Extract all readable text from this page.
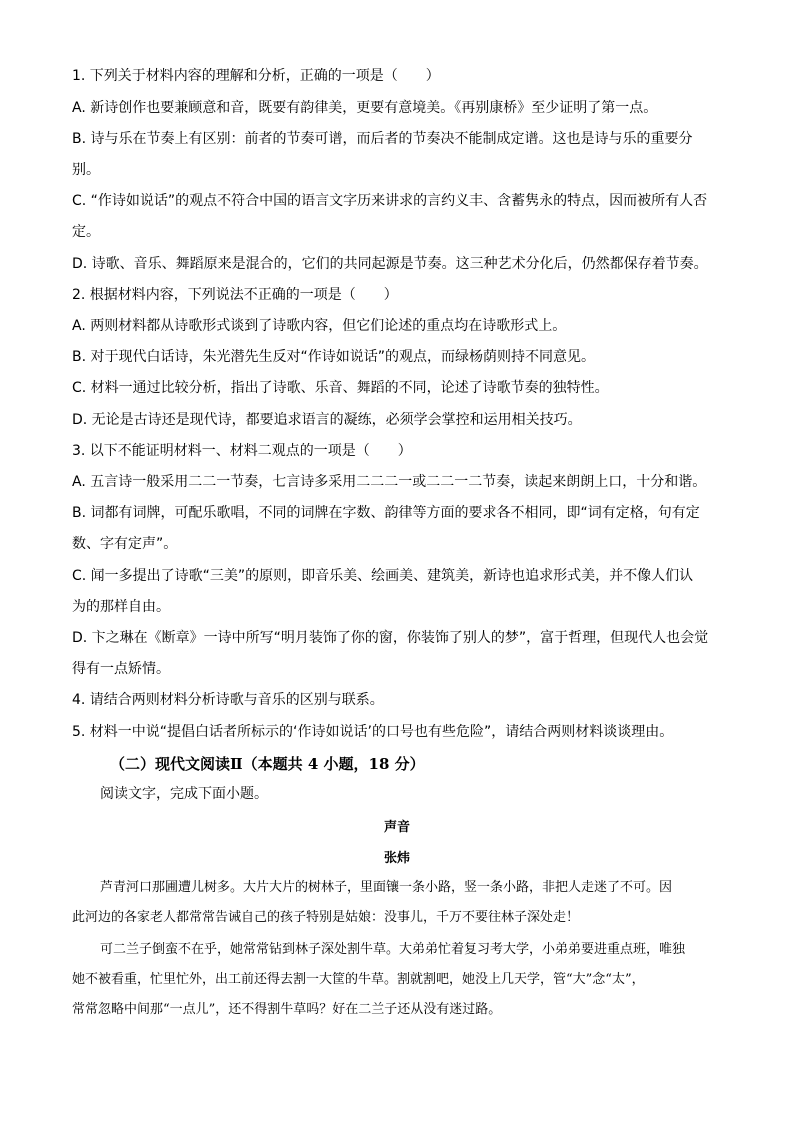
1. 下列关于材料内容的理解和分析，正确的一项是（　　）
A. 新诗创作也要兼顾意和音，既要有韵律美，更要有意境美。《再别康桥》至少证明了第一点。
B. 诗与乐在节奏上有区别：前者的节奏可谱，而后者的节奏决不能制成定谱。这也是诗与乐的重要分
别。
C. “作诗如说话”的观点不符合中国的语言文字历来讲求的言约义丰、含蓄隽永的特点，因而被所有人否
定。
D. 诗歌、音乐、舞蹈原来是混合的，它们的共同起源是节奏。这三种艺术分化后，仍然都保存着节奏。
2. 根据材料内容，下列说法不正确的一项是（　　）
A. 两则材料都从诗歌形式谈到了诗歌内容，但它们论述的重点均在诗歌形式上。
B. 对于现代白话诗，朱光潜先生反对“作诗如说话”的观点，而绿杨荫则持不同意见。
C. 材料一通过比较分析，指出了诗歌、乐音、舞蹈的不同，论述了诗歌节奏的独特性。
D. 无论是古诗还是现代诗，都要追求语言的凝练，必须学会掌控和运用相关技巧。
3. 以下不能证明材料一、材料二观点的一项是（　　）
A. 五言诗一般采用二二一节奏，七言诗多采用二二二一或二二一二节奏，读起来朗朗上口，十分和谐。
B. 词都有词牌，可配乐歌唱，不同的词牌在字数、韵律等方面的要求各不相同，即“词有定格，句有定
数、字有定声”。
C. 闻一多提出了诗歌“三美”的原则，即音乐美、绘画美、建筑美，新诗也追求形式美，并不像人们认
为的那样自由。
D. 卞之琳在《断章》一诗中所写“明月装饰了你的窗，你装饰了别人的梦”，富于哲理，但现代人也会觉
得有一点矫情。
4. 请结合两则材料分析诗歌与音乐的区别与联系。
5. 材料一中说“提倡白话者所标示的‘作诗如说话’的口号也有些危险”，请结合两则材料谈谈理由。
（二）现代文阅读Ⅱ（本题共 4 小题，18 分）
阅读文字，完成下面小题。
声音
张炜
芦青河口那圃遭儿树多。大片大片的树林子，里面镶一条小路，竖一条小路，非把人走迷了不可。因
此河边的各家老人都常常告诫自己的孩子特别是姑娘：没事儿，千万不要往林子深处走！
可二兰子倒蛮不在乎，她常常钻到林子深处割牛草。大弟弟忙着复习考大学，小弟弟要进重点班，唯独
她不被看重，忙里忙外，出工前还得去割一大筐的牛草。割就割吧，她没上几天学，管“大”念“太”，
常常忽略中间那“一点儿”，还不得割牛草吗？好在二兰子还从没有迷过路。
